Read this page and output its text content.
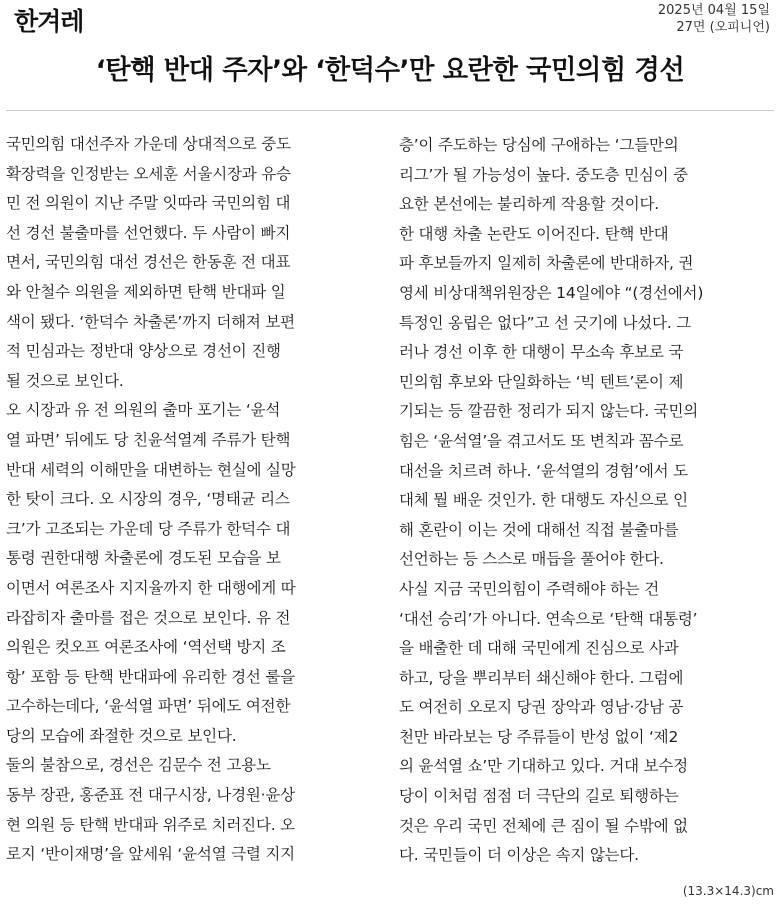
한겨레	2025년 04월 15일
27면 (오피니언)
‘탄핵 반대 주자’와 ‘한덕수’만 요란한 국민의힘 경선
국민의힘 대선주자 가운데 상대적으로 중도
확장력을 인정받는 오세훈 서울시장과 유승
민 전 의원이 지난 주말 잇따라 국민의힘 대
선 경선 불출마를 선언했다. 두 사람이 빠지
면서, 국민의힘 대선 경선은 한동훈 전 대표
와 안철수 의원을 제외하면 탄핵 반대파 일
색이 됐다. ‘한덕수 차출론’까지 더해져 보편
적 민심과는 정반대 양상으로 경선이 진행
될 것으로 보인다.
오 시장과 유 전 의원의 출마 포기는 ‘윤석
열 파면’ 뒤에도 당 친윤석열계 주류가 탄핵
반대 세력의 이해만을 대변하는 현실에 실망
한 탓이 크다. 오 시장의 경우, ‘명태균 리스
크’가 고조되는 가운데 당 주류가 한덕수 대
통령 권한대행 차출론에 경도된 모습을 보
이면서 여론조사 지지율까지 한 대행에게 따
라잡히자 출마를 접은 것으로 보인다. 유 전
의원은 컷오프 여론조사에 ‘역선택 방지 조
항’ 포함 등 탄핵 반대파에 유리한 경선 룰을
고수하는데다, ‘윤석열 파면’ 뒤에도 여전한
당의 모습에 좌절한 것으로 보인다.
둘의 불참으로, 경선은 김문수 전 고용노
동부 장관, 홍준표 전 대구시장, 나경원·윤상
현 의원 등 탄핵 반대파 위주로 치러진다. 오
로지 ‘반이재명’을 앞세워 ‘윤석열 극렬 지지
층’이 주도하는 당심에 구애하는 ‘그들만의
리그’가 될 가능성이 높다. 중도층 민심이 중
요한 본선에는 불리하게 작용할 것이다.
한 대행 차출 논란도 이어진다. 탄핵 반대
파 후보들까지 일제히 차출론에 반대하자, 권
영세 비상대책위원장은 14일에야 “(경선에서)
특정인 옹립은 없다”고 선 긋기에 나섰다. 그
러나 경선 이후 한 대행이 무소속 후보로 국
민의힘 후보와 단일화하는 ‘빅 텐트’론이 제
기되는 등 깔끔한 정리가 되지 않는다. 국민의
힘은 ‘윤석열’을 겪고서도 또 변칙과 꼼수로
대선을 치르려 하나. ‘윤석열의 경험’에서 도
대체 뭘 배운 것인가. 한 대행도 자신으로 인
해 혼란이 이는 것에 대해선 직접 불출마를
선언하는 등 스스로 매듭을 풀어야 한다.
사실 지금 국민의힘이 주력해야 하는 건
‘대선 승리’가 아니다. 연속으로 ‘탄핵 대통령’
을 배출한 데 대해 국민에게 진심으로 사과
하고, 당을 뿌리부터 쇄신해야 한다. 그럼에
도 여전히 오로지 당권 장악과 영남·강남 공
천만 바라보는 당 주류들이 반성 없이 ‘제2
의 윤석열 쇼’만 기대하고 있다. 거대 보수정
당이 이처럼 점점 더 극단의 길로 퇴행하는
것은 우리 국민 전체에 큰 짐이 될 수밖에 없
다. 국민들이 더 이상은 속지 않는다.
(13.3×14.3)cm
